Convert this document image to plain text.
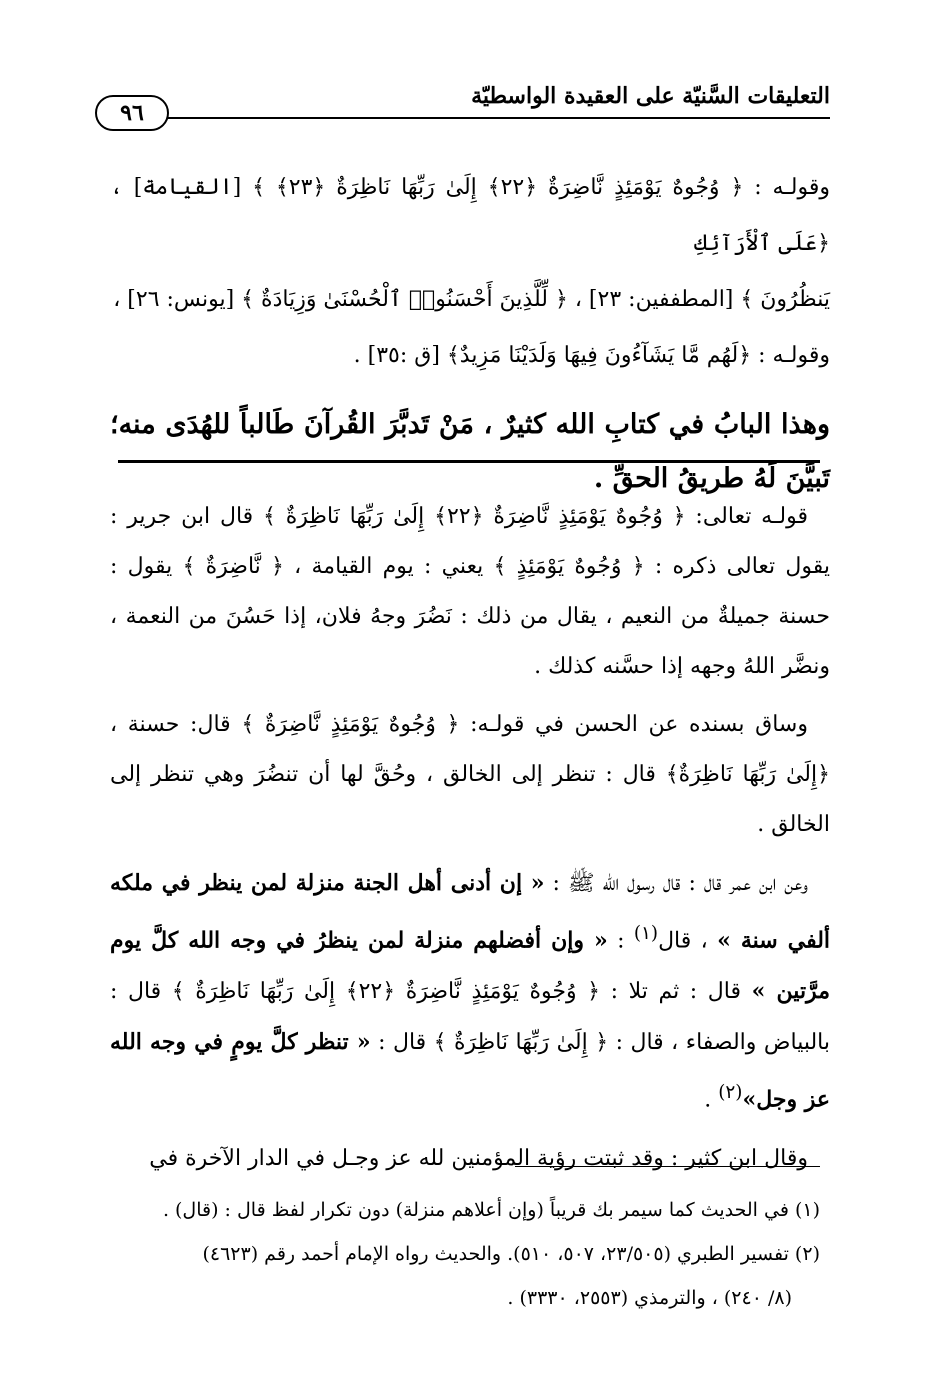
التعليقات السَّنيّة على العقيدة الواسطيّة
٩٦

وقولـه : ﴿ وُجُوهٌ يَوْمَئِذٍ نَّاضِرَةٌ ﴿٢٢﴾ إِلَىٰ رَبِّهَا نَاظِرَةٌ ﴿٢٣﴾ ﴾ [القيامة] ، ﴿عَلَى ٱلْأَرَآئِكِ

يَنظُرُونَ ﴾ [المطففين: ٢٣] ، ﴿ لِّلَّذِينَ أَحْسَنُوا۟ ٱلْحُسْنَىٰ وَزِيَادَةٌ ﴾ [يونس: ٢٦] ،

وقولـه : ﴿لَهُم مَّا يَشَآءُونَ فِيهَا وَلَدَيْنَا مَزِيدٌ﴾ [ق :٣٥] .

وهذا البابُ في كتابِ الله كثيرٌ ، مَنْ تَدبَّرَ القُرآنَ طَالباً للهُدَى منه؛ تَبيَّنَ لَهُ طريقُ الحقِّ .

قولـه تعالى: ﴿ وُجُوهٌ يَوْمَئِذٍ نَّاضِرَةٌ ﴿٢٢﴾ إِلَىٰ رَبِّهَا نَاظِرَةٌ ﴾ قال ابن جرير : يقول تعالى ذكره : ﴿ وُجُوهٌ يَوْمَئِذٍ ﴾ يعني : يوم القيامة ، ﴿ نَّاضِرَةٌ ﴾ يقول : حسنة جميلةٌ من النعيم ، يقال من ذلك : نَضُرَ وجهُ فلان، إذا حَسُنَ من النعمة ، ونضَّر اللهُ وجهه إذا حسَّنه كذلك .

وساق بسنده عن الحسن في قولـه: ﴿ وُجُوهٌ يَوْمَئِذٍ نَّاضِرَةٌ ﴾ قال: حسنة ، ﴿إِلَىٰ رَبِّهَا نَاظِرَةٌ﴾ قال : تنظر إلى الخالق ، وحُقَّ لها أن تنضُرَ وهي تنظر إلى الخالق .

وعن ابن عمر قال : قال رسول الله ﷺ : « إن أدنى أهل الجنة منزلة لمن ينظر في ملكه ألفي سنة » ، قال$^{(١)}$ : « وإن أفضلهم منزلة لمن ينظرُ في وجه الله كلَّ يوم مرَّتين » قال : ثم تلا : ﴿ وُجُوهٌ يَوْمَئِذٍ نَّاضِرَةٌ ﴿٢٢﴾ إِلَىٰ رَبِّهَا نَاظِرَةٌ ﴾ قال : بالبياض والصفاء ، قال : ﴿ إِلَىٰ رَبِّهَا نَاظِرَةٌ ﴾ قال : « تنظر كلَّ يومٍ في وجه الله عز وجل»$^{(٢)}$ .

وقال ابن كثير : وقد ثبتت رؤية المؤمنين لله عز وجـل في الدار الآخرة في

(١) في الحديث كما سيمر بك قريباً (وإن أعلاهم منزلة) دون تكرار لفظ قال : (قال) .

(٢) تفسير الطبري (٢٣/٥٠٥، ٥٠٧، ٥١٠). والحديث رواه الإمام أحمد رقم (٤٦٢٣)

(٨/ ٢٤٠) ، والترمذي (٢٥٥٣، ٣٣٣٠) .
